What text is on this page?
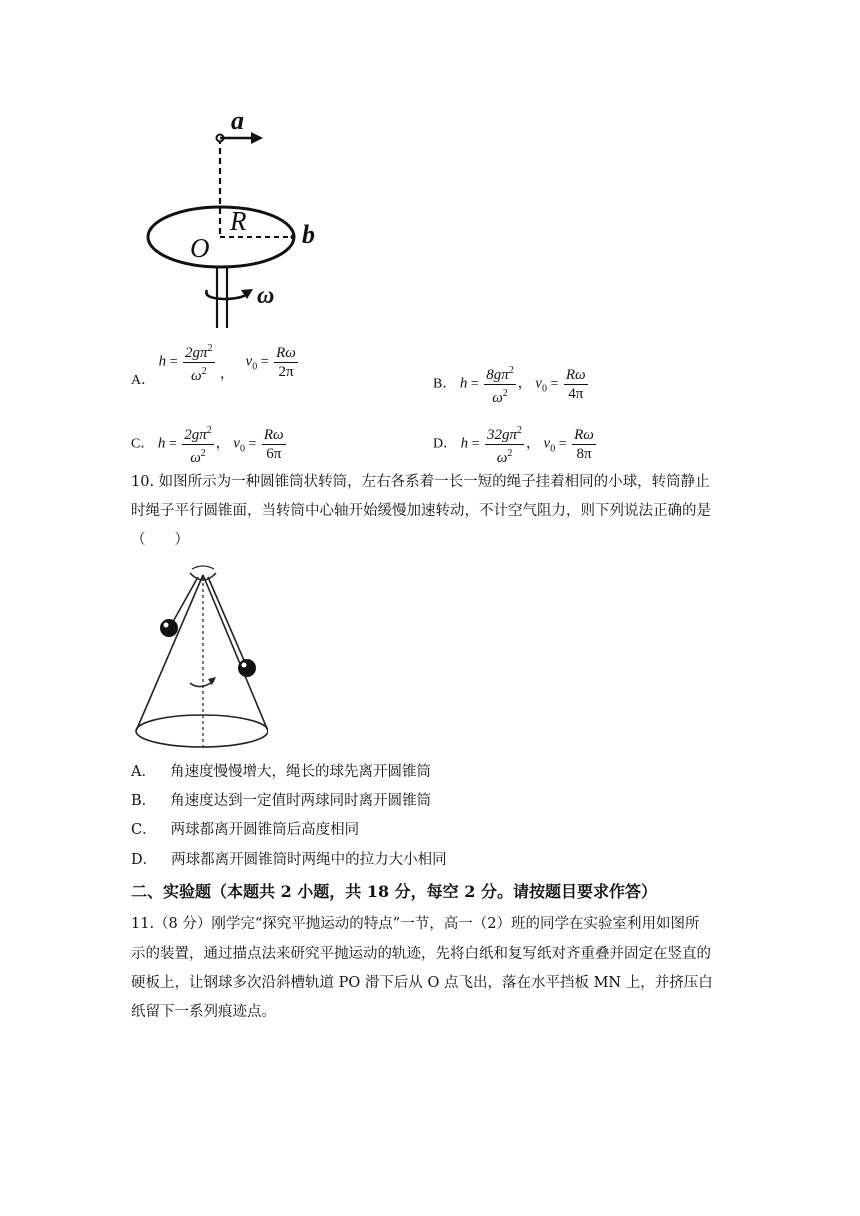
a
R
O	b
ω
A． $h = \frac{2g\pi^2}{\omega^2}$ ， $v_0 = \frac{R\omega}{2\pi}$
B． $h = \frac{8g\pi^2}{\omega^2}$ ， $v_0 = \frac{R\omega}{4\pi}$
C． $h = \frac{2g\pi^2}{\omega^2}$ ， $v_0 = \frac{R\omega}{6\pi}$	D． $h = \frac{32g\pi^2}{\omega^2}$ ， $v_0 = \frac{R\omega}{8\pi}$
10. 如图所示为一种圆锥筒状转筒，左右各系着一长一短的绳子挂着相同的小球，转筒静止
时绳子平行圆锥面，当转筒中心轴开始缓慢加速转动，不计空气阻力，则下列说法正确的是
（　　）
A． 角速度慢慢增大，绳长的球先离开圆锥筒
B． 角速度达到一定值时两球同时离开圆锥筒
C． 两球都离开圆锥筒后高度相同
D． 两球都离开圆锥筒时两绳中的拉力大小相同
二、实验题（本题共 2 小题，共 18 分，每空 2 分。请按题目要求作答）
11.（8 分）刚学完“探究平抛运动的特点”一节，高一（2）班的同学在实验室利用如图所
示的装置，通过描点法来研究平抛运动的轨迹，先将白纸和复写纸对齐重叠并固定在竖直的
硬板上，让钢球多次沿斜槽轨道 PO 滑下后从 O 点飞出，落在水平挡板 MN 上，并挤压白
纸留下一系列痕迹点。
